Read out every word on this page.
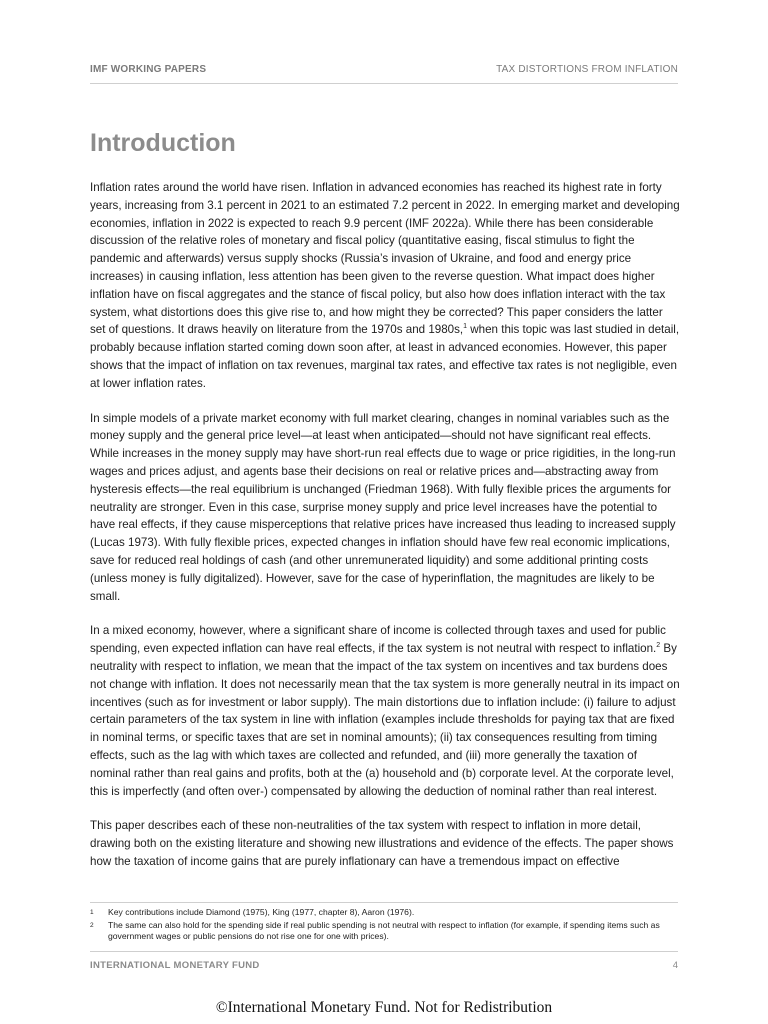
IMF WORKING PAPERS	TAX DISTORTIONS FROM INFLATION
Introduction

Inflation rates around the world have risen. Inflation in advanced economies has reached its highest rate in forty years, increasing from 3.1 percent in 2021 to an estimated 7.2 percent in 2022. In emerging market and developing economies, inflation in 2022 is expected to reach 9.9 percent (IMF 2022a). While there has been considerable discussion of the relative roles of monetary and fiscal policy (quantitative easing, fiscal stimulus to fight the pandemic and afterwards) versus supply shocks (Russia’s invasion of Ukraine, and food and energy price increases) in causing inflation, less attention has been given to the reverse question. What impact does higher inflation have on fiscal aggregates and the stance of fiscal policy, but also how does inflation interact with the tax system, what distortions does this give rise to, and how might they be corrected? This paper considers the latter set of questions. It draws heavily on literature from the 1970s and 1980s,$^1$ when this topic was last studied in detail, probably because inflation started coming down soon after, at least in advanced economies. However, this paper shows that the impact of inflation on tax revenues, marginal tax rates, and effective tax rates is not negligible, even at lower inflation rates.

In simple models of a private market economy with full market clearing, changes in nominal variables such as the money supply and the general price level—at least when anticipated—should not have significant real effects. While increases in the money supply may have short-run real effects due to wage or price rigidities, in the long-run wages and prices adjust, and agents base their decisions on real or relative prices and—abstracting away from hysteresis effects—the real equilibrium is unchanged (Friedman 1968). With fully flexible prices the arguments for neutrality are stronger. Even in this case, surprise money supply and price level increases have the potential to have real effects, if they cause misperceptions that relative prices have increased thus leading to increased supply (Lucas 1973). With fully flexible prices, expected changes in inflation should have few real economic implications, save for reduced real holdings of cash (and other unremunerated liquidity) and some additional printing costs (unless money is fully digitalized). However, save for the case of hyperinflation, the magnitudes are likely to be small.

In a mixed economy, however, where a significant share of income is collected through taxes and used for public spending, even expected inflation can have real effects, if the tax system is not neutral with respect to inflation.$^2$ By neutrality with respect to inflation, we mean that the impact of the tax system on incentives and tax burdens does not change with inflation. It does not necessarily mean that the tax system is more generally neutral in its impact on incentives (such as for investment or labor supply). The main distortions due to inflation include: (i) failure to adjust certain parameters of the tax system in line with inflation (examples include thresholds for paying tax that are fixed in nominal terms, or specific taxes that are set in nominal amounts); (ii) tax consequences resulting from timing effects, such as the lag with which taxes are collected and refunded, and (iii) more generally the taxation of nominal rather than real gains and profits, both at the (a) household and (b) corporate level. At the corporate level, this is imperfectly (and often over-) compensated by allowing the deduction of nominal rather than real interest.

This paper describes each of these non-neutralities of the tax system with respect to inflation in more detail, drawing both on the existing literature and showing new illustrations and evidence of the effects. The paper shows how the taxation of income gains that are purely inflationary can have a tremendous impact on effective

1	Key contributions include Diamond (1975), King (1977, chapter 8), Aaron (1976).
2	The same can also hold for the spending side if real public spending is not neutral with respect to inflation (for example, if spending items such as government wages or public pensions do not rise one for one with prices).
INTERNATIONAL MONETARY FUND	4
©International Monetary Fund. Not for Redistribution
